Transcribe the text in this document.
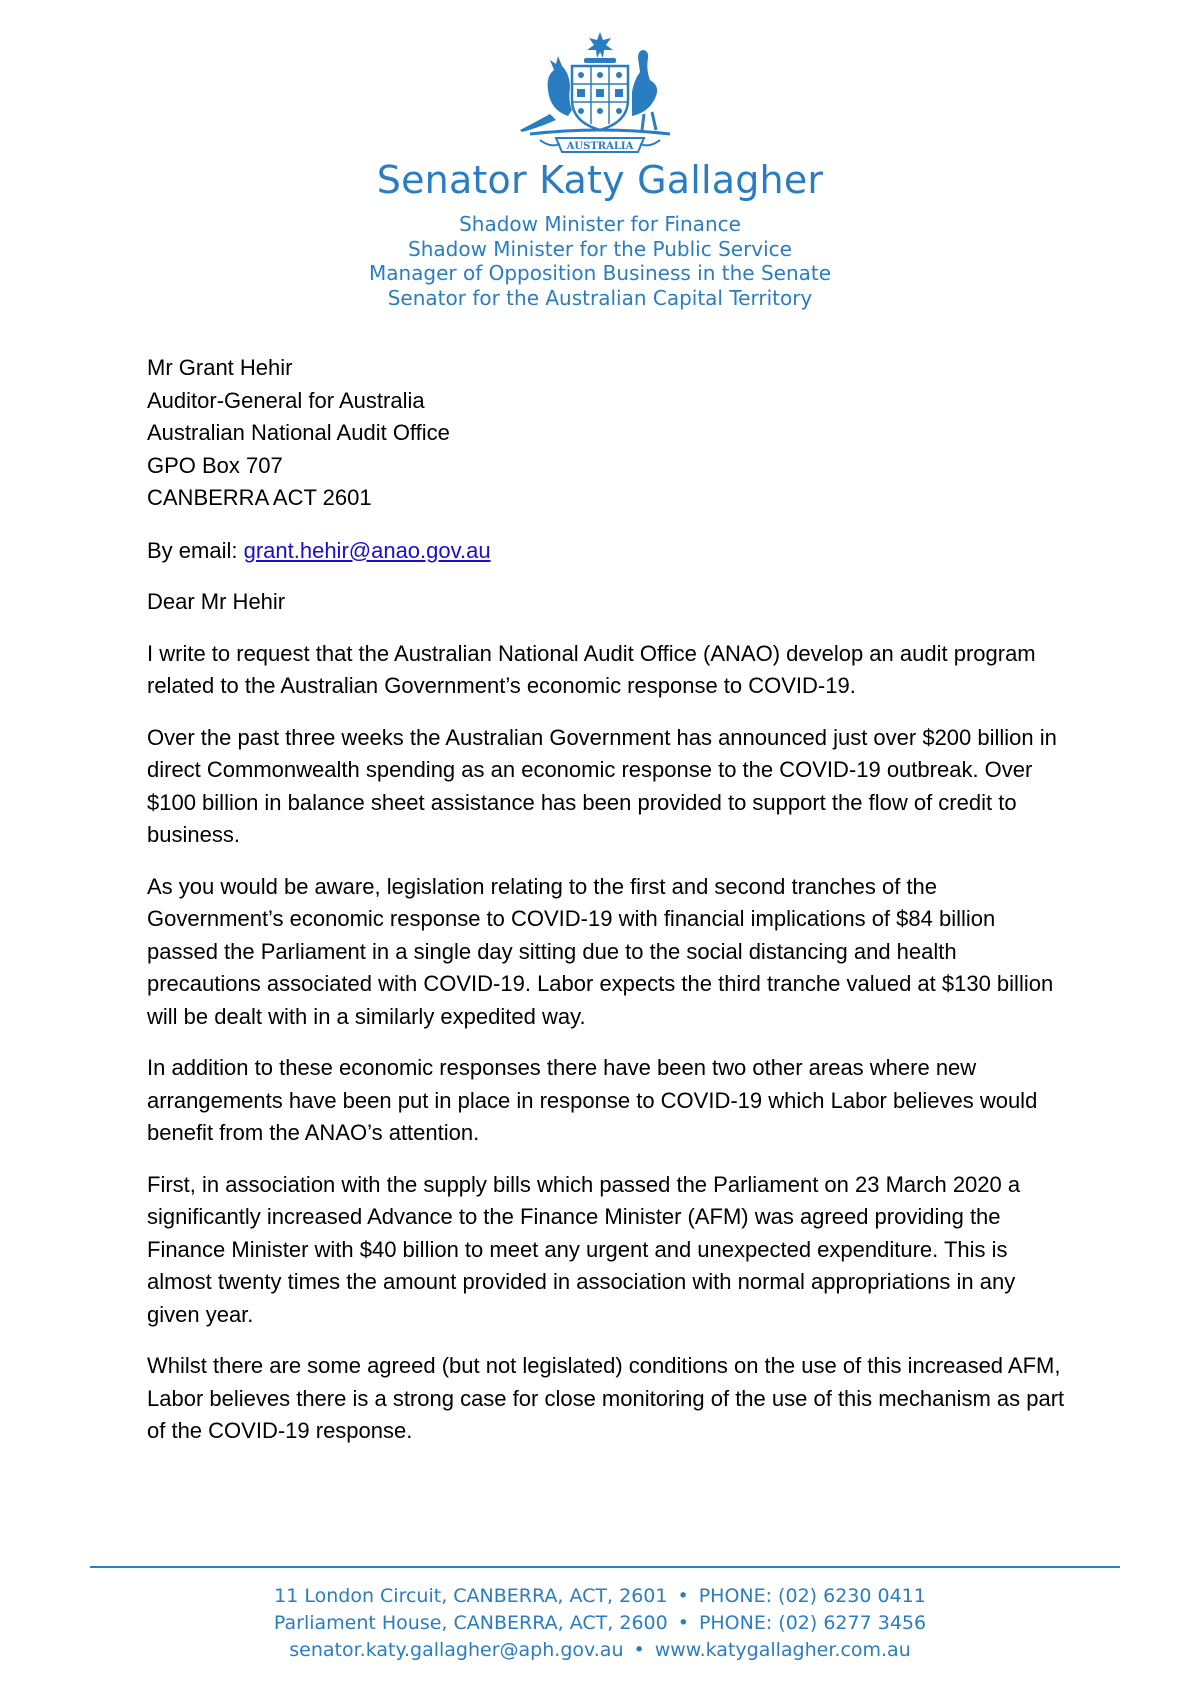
AUSTRALIA
Senator Katy Gallagher
Shadow Minister for Finance
Shadow Minister for the Public Service
Manager of Opposition Business in the Senate
Senator for the Australian Capital Territory
Mr Grant Hehir
Auditor-General for Australia
Australian National Audit Office
GPO Box 707
CANBERRA ACT 2601
By email: grant.hehir@anao.gov.au
Dear Mr Hehir

I write to request that the Australian National Audit Office (ANAO) develop an audit program related to the Australian Government’s economic response to COVID-19.

Over the past three weeks the Australian Government has announced just over $200 billion in direct Commonwealth spending as an economic response to the COVID-19 outbreak. Over $100 billion in balance sheet assistance has been provided to support the flow of credit to business.

As you would be aware, legislation relating to the first and second tranches of the Government’s economic response to COVID-19 with financial implications of $84 billion passed the Parliament in a single day sitting due to the social distancing and health precautions associated with COVID-19. Labor expects the third tranche valued at $130 billion will be dealt with in a similarly expedited way.

In addition to these economic responses there have been two other areas where new arrangements have been put in place in response to COVID-19 which Labor believes would benefit from the ANAO’s attention.

First, in association with the supply bills which passed the Parliament on 23 March 2020 a significantly increased Advance to the Finance Minister (AFM) was agreed providing the Finance Minister with $40 billion to meet any urgent and unexpected expenditure. This is almost twenty times the amount provided in association with normal appropriations in any given year.

Whilst there are some agreed (but not legislated) conditions on the use of this increased AFM, Labor believes there is a strong case for close monitoring of the use of this mechanism as part of the COVID-19 response.

11 London Circuit, CANBERRA, ACT, 2601 • PHONE: (02) 6230 0411
Parliament House, CANBERRA, ACT, 2600 • PHONE: (02) 6277 3456
senator.katy.gallagher@aph.gov.au • www.katygallagher.com.au
